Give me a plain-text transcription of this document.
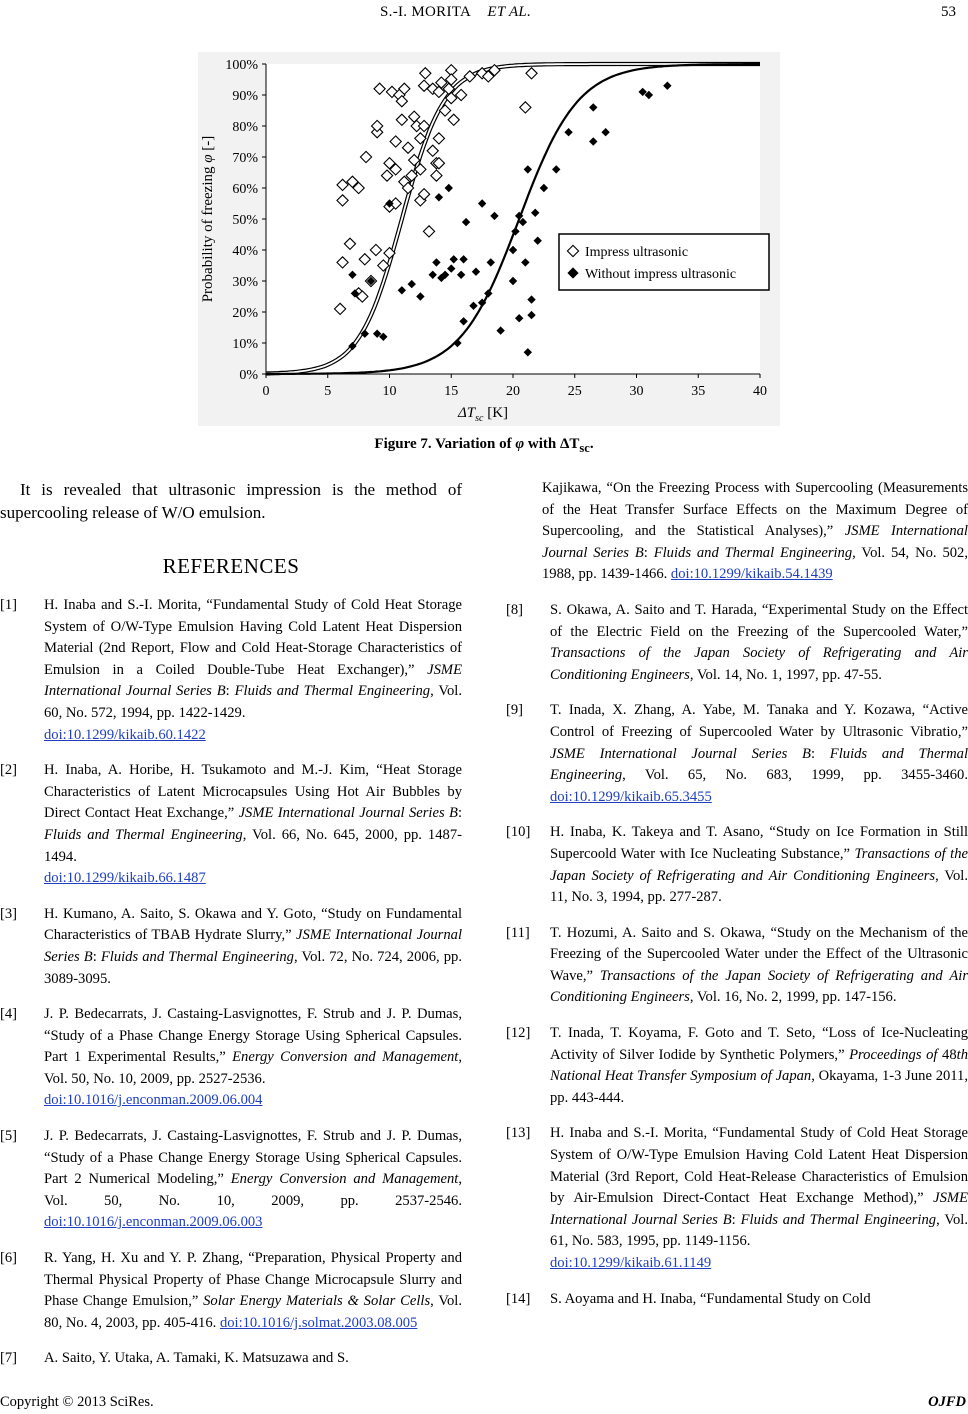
S.-I. MORITA ET AL.	53
0	5	10	15	20	25	30	35	40
0%
10%
20%
30%
40%
50%
60%
70%
80%
90%
100%
$\Delta T_{sc}$ [K]
Probability of freezing φ [-]
Impress ultrasonic
Without impress ultrasonic
Figure 7. Variation of φ with $\Delta T_{sc}$.

It is revealed that ultrasonic impression is the method of supercooling release of W/O emulsion.

REFERENCES
[1] H. Inaba and S.-I. Morita, “Fundamental Study of Cold Heat Storage System of O/W-Type Emulsion Having Cold Latent Heat Dispersion Material (2nd Report, Flow and Cold Heat-Storage Characteristics of Emulsion in a Coiled Double-Tube Heat Exchanger),” JSME International Journal Series B: Fluids and Thermal Engineering, Vol. 60, No. 572, 1994, pp. 1422-1429.
doi:10.1299/kikaib.60.1422
[2] H. Inaba, A. Horibe, H. Tsukamoto and M.-J. Kim, “Heat Storage Characteristics of Latent Microcapsules Using Hot Air Bubbles by Direct Contact Heat Exchange,” JSME International Journal Series B: Fluids and Thermal Engineering, Vol. 66, No. 645, 2000, pp. 1487-1494.
doi:10.1299/kikaib.66.1487
[3] H. Kumano, A. Saito, S. Okawa and Y. Goto, “Study on Fundamental Characteristics of TBAB Hydrate Slurry,” JSME International Journal Series B: Fluids and Thermal Engineering, Vol. 72, No. 724, 2006, pp. 3089-3095.
[4] J. P. Bedecarrats, J. Castaing-Lasvignottes, F. Strub and J. P. Dumas, “Study of a Phase Change Energy Storage Using Spherical Capsules. Part 1 Experimental Results,” Energy Conversion and Management, Vol. 50, No. 10, 2009, pp. 2527-2536.
doi:10.1016/j.enconman.2009.06.004
[5] J. P. Bedecarrats, J. Castaing-Lasvignottes, F. Strub and J. P. Dumas, “Study of a Phase Change Energy Storage Using Spherical Capsules. Part 2 Numerical Modeling,” Energy Conversion and Management, Vol. 50, No. 10, 2009, pp. 2537-2546. doi:10.1016/j.enconman.2009.06.003
[6] R. Yang, H. Xu and Y. P. Zhang, “Preparation, Physical Property and Thermal Physical Property of Phase Change Microcapsule Slurry and Phase Change Emulsion,” Solar Energy Materials & Solar Cells, Vol. 80, No. 4, 2003, pp. 405-416. doi:10.1016/j.solmat.2003.08.005
[7] A. Saito, Y. Utaka, A. Tamaki, K. Matsuzawa and S.
Kajikawa, “On the Freezing Process with Supercooling (Measurements of the Heat Transfer Surface Effects on the Maximum Degree of Supercooling, and the Statistical Analyses),” JSME International Journal Series B: Fluids and Thermal Engineering, Vol. 54, No. 502, 1988, pp. 1439-1466. doi:10.1299/kikaib.54.1439
[8] S. Okawa, A. Saito and T. Harada, “Experimental Study on the Effect of the Electric Field on the Freezing of the Supercooled Water,” Transactions of the Japan Society of Refrigerating and Air Conditioning Engineers, Vol. 14, No. 1, 1997, pp. 47-55.
[9] T. Inada, X. Zhang, A. Yabe, M. Tanaka and Y. Kozawa, “Active Control of Freezing of Supercooled Water by Ultrasonic Vibratio,” JSME International Journal Series B: Fluids and Thermal Engineering, Vol. 65, No. 683, 1999, pp. 3455-3460. doi:10.1299/kikaib.65.3455
[10] H. Inaba, K. Takeya and T. Asano, “Study on Ice Formation in Still Supercoold Water with Ice Nucleating Substance,” Transactions of the Japan Society of Refrigerating and Air Conditioning Engineers, Vol. 11, No. 3, 1994, pp. 277-287.
[11] T. Hozumi, A. Saito and S. Okawa, “Study on the Mechanism of the Freezing of the Supercooled Water under the Effect of the Ultrasonic Wave,” Transactions of the Japan Society of Refrigerating and Air Conditioning Engineers, Vol. 16, No. 2, 1999, pp. 147-156.
[12] T. Inada, T. Koyama, F. Goto and T. Seto, “Loss of Ice-Nucleating Activity of Silver Iodide by Synthetic Polymers,” Proceedings of 48th National Heat Transfer Symposium of Japan, Okayama, 1-3 June 2011, pp. 443-444.
[13] H. Inaba and S.-I. Morita, “Fundamental Study of Cold Heat Storage System of O/W-Type Emulsion Having Cold Latent Heat Dispersion Material (3rd Report, Cold Heat-Release Characteristics of Emulsion by Air-Emulsion Direct-Contact Heat Exchange Method),” JSME International Journal Series B: Fluids and Thermal Engineering, Vol. 61, No. 583, 1995, pp. 1149-1156.
doi:10.1299/kikaib.61.1149
[14] S. Aoyama and H. Inaba, “Fundamental Study on Cold
Copyright © 2013 SciRes.	OJFD
